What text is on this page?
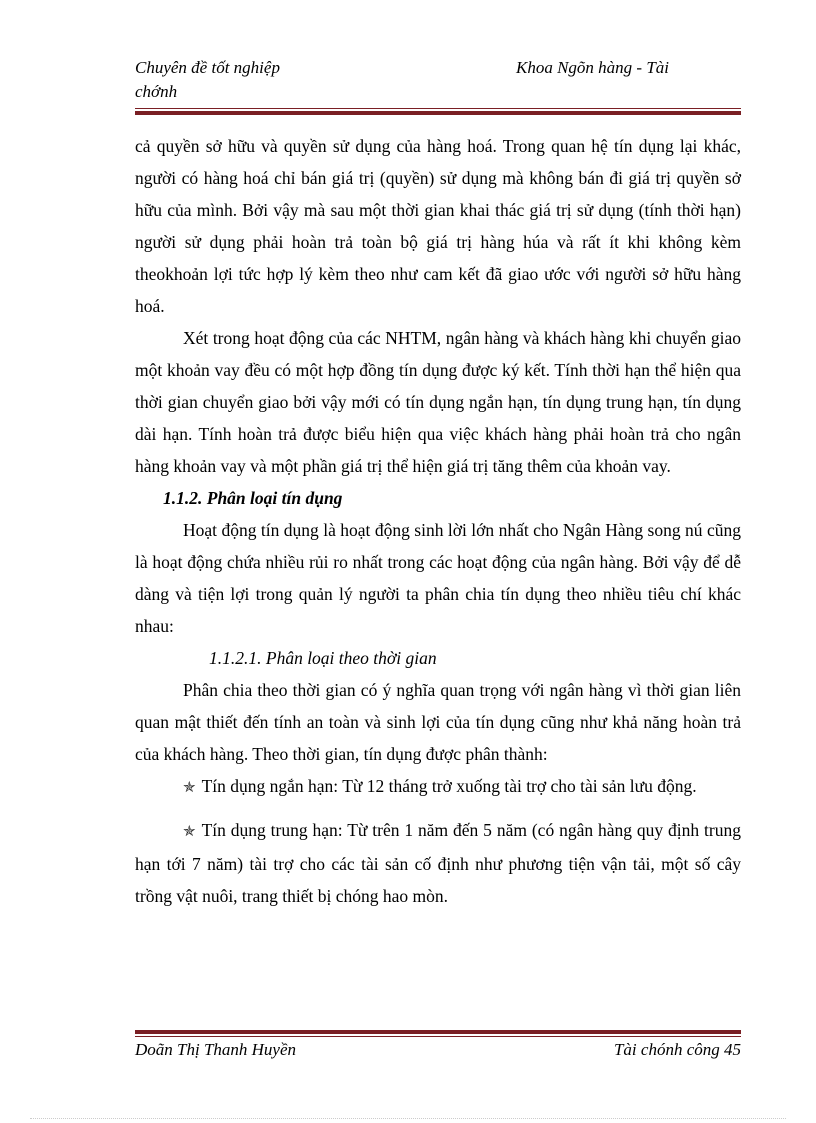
Chuyên đề tốt nghiệp
chớnh
Khoa Ngõn hàng - Tài

cả quyền sở hữu và quyền sử dụng của hàng hoá. Trong quan hệ tín dụng lại khác, người có hàng hoá chỉ bán giá trị (quyền) sử dụng mà không bán đi giá trị quyền sở hữu của mình. Bởi vậy mà sau một thời gian khai thác giá trị sử dụng (tính thời hạn) người sử dụng phải hoàn trả toàn bộ giá trị hàng húa và rất ít khi không kèm theokhoản lợi tức hợp lý kèm theo như cam kết đã giao ước với người sở hữu hàng hoá.

Xét trong hoạt động của các NHTM, ngân hàng và khách hàng khi chuyển giao một khoản vay đều có một hợp đồng tín dụng được ký kết. Tính thời hạn thể hiện qua thời gian chuyển giao bởi vậy mới có tín dụng ngắn hạn, tín dụng trung hạn, tín dụng dài hạn. Tính hoàn trả được biểu hiện qua việc khách hàng phải hoàn trả cho ngân hàng khoản vay và một phần giá trị thể hiện giá trị tăng thêm của khoản vay.

1.1.2. Phân loại tín dụng

Hoạt động tín dụng là hoạt động sinh lời lớn nhất cho Ngân Hàng song nú cũng là hoạt động chứa nhiều rủi ro nhất trong các hoạt động của ngân hàng. Bởi vậy để dễ dàng và tiện lợi trong quản lý người ta phân chia tín dụng theo nhiều tiêu chí khác nhau:

1.1.2.1. Phân loại theo thời gian

Phân chia theo thời gian có ý nghĩa quan trọng với ngân hàng vì thời gian liên quan mật thiết đến tính an toàn và sinh lợi của tín dụng cũng như khả năng hoàn trả của khách hàng. Theo thời gian, tín dụng được phân thành:

✯ Tín dụng ngắn hạn: Từ 12 tháng trở xuống tài trợ cho tài sản lưu động.

✯ Tín dụng trung hạn: Từ trên 1 năm đến 5 năm (có ngân hàng quy định trung hạn tới 7 năm) tài trợ cho các tài sản cố định như phương tiện vận tải, một số cây trồng vật nuôi, trang thiết bị chóng hao mòn.

Doãn Thị Thanh Huyền	Tài chónh công 45
